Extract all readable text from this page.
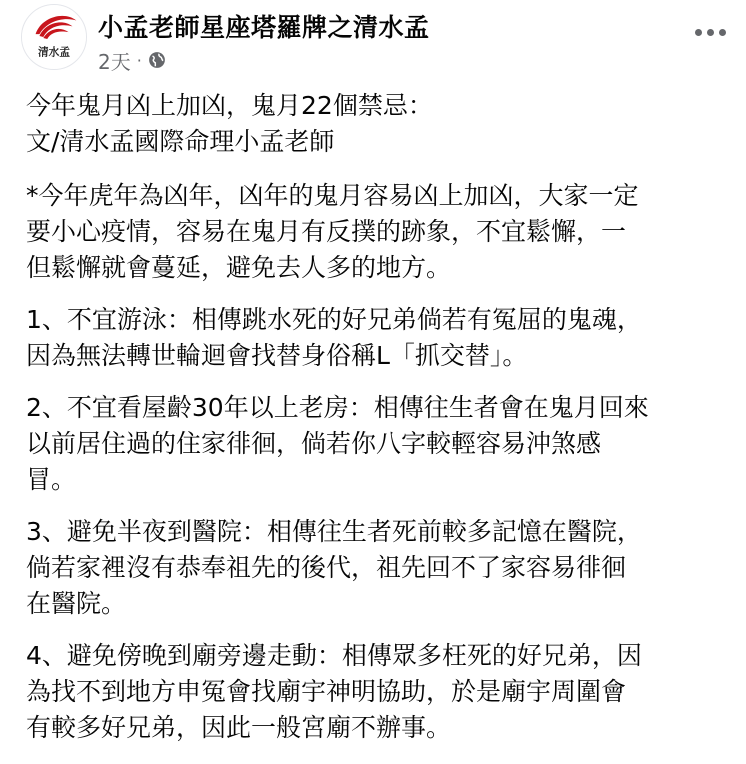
清水孟
小孟老師星座塔羅牌之清水孟
2天 ·

今年鬼月凶上加凶，鬼月22個禁忌：
文/清水孟國際命理小孟老師

*今年虎年為凶年，凶年的鬼月容易凶上加凶，大家一定
要小心疫情，容易在鬼月有反撲的跡象，不宜鬆懈，一
但鬆懈就會蔓延，避免去人多的地方。

1、不宜游泳：相傳跳水死的好兄弟倘若有冤屈的鬼魂，
因為無法轉世輪迴會找替身俗稱L「抓交替」。

2、不宜看屋齡30年以上老房：相傳往生者會在鬼月回來
以前居住過的住家徘徊，倘若你八字較輕容易沖煞感
冒。

3、避免半夜到醫院：相傳往生者死前較多記憶在醫院，
倘若家裡沒有恭奉祖先的後代，祖先回不了家容易徘徊
在醫院。

4、避免傍晚到廟旁邊走動：相傳眾多枉死的好兄弟，因
為找不到地方申冤會找廟宇神明協助，於是廟宇周圍會
有較多好兄弟，因此一般宮廟不辦事。
